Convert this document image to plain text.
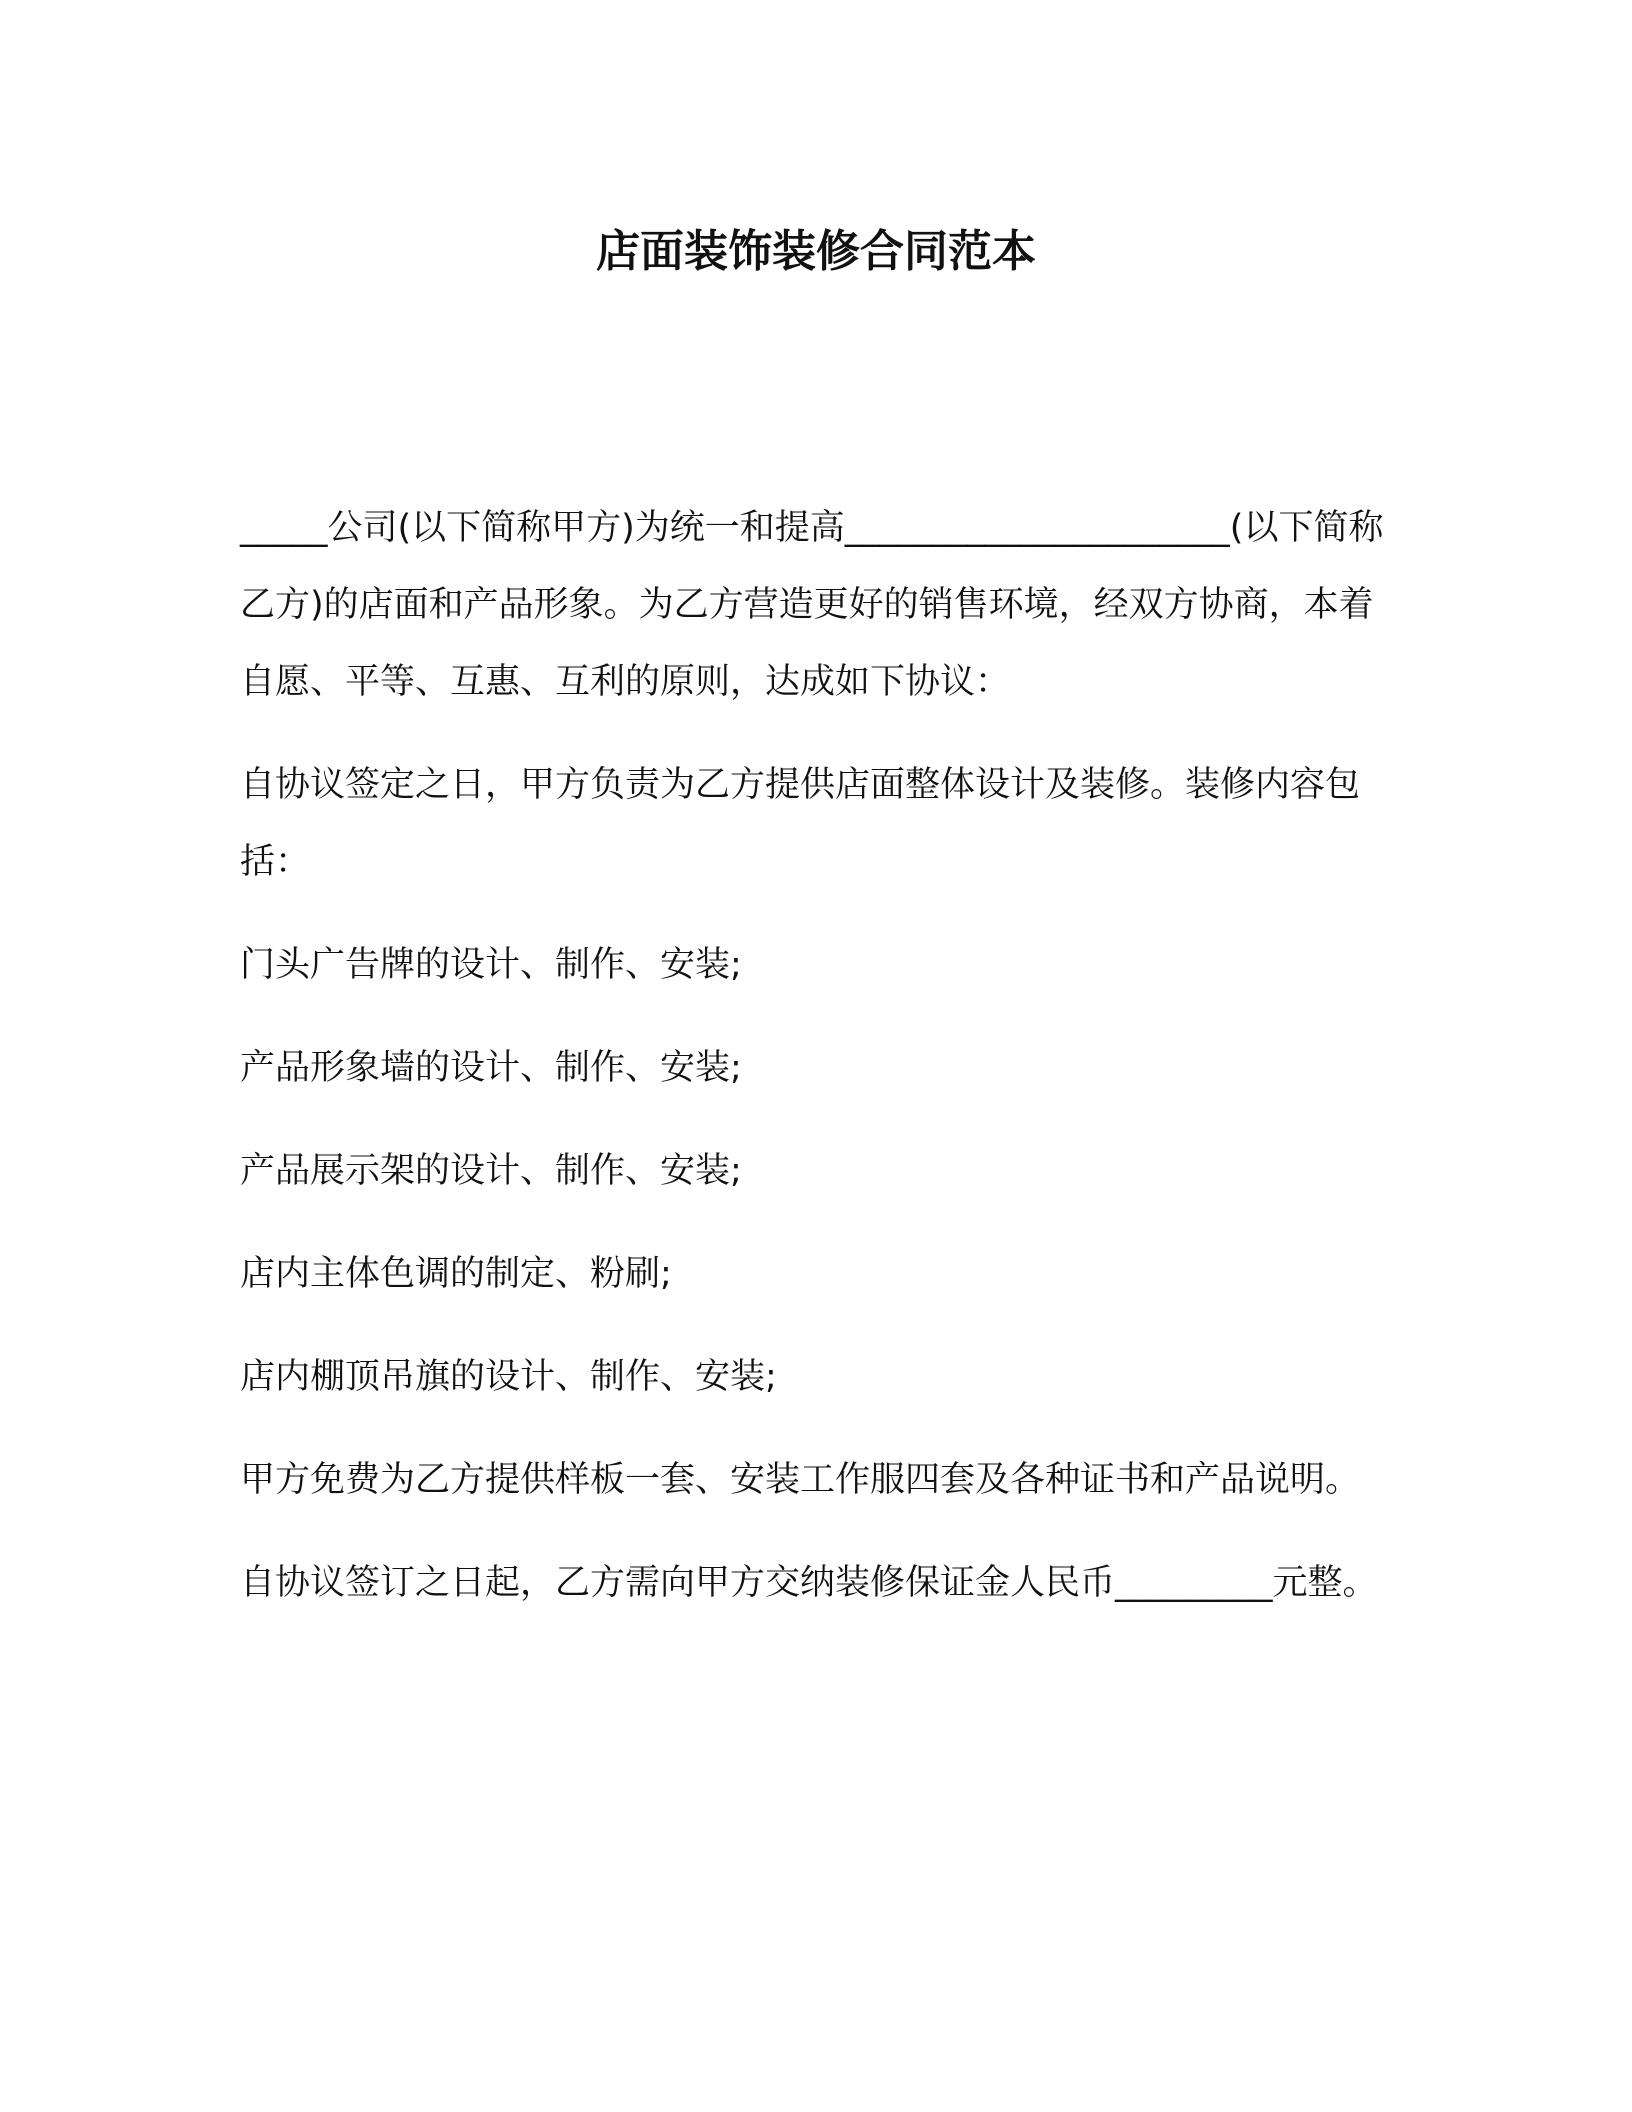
店面装饰装修合同范本

_____公司(以下简称甲方)为统一和提高______________________(以下简称乙方)的店面和产品形象。为乙方营造更好的销售环境，经双方协商，本着自愿、平等、互惠、互利的原则，达成如下协议：

自协议签定之日，甲方负责为乙方提供店面整体设计及装修。装修内容包括：

门头广告牌的设计、制作、安装;

产品形象墙的设计、制作、安装;

产品展示架的设计、制作、安装;

店内主体色调的制定、粉刷;

店内棚顶吊旗的设计、制作、安装;

甲方免费为乙方提供样板一套、安装工作服四套及各种证书和产品说明。

自协议签订之日起，乙方需向甲方交纳装修保证金人民币_________元整。
